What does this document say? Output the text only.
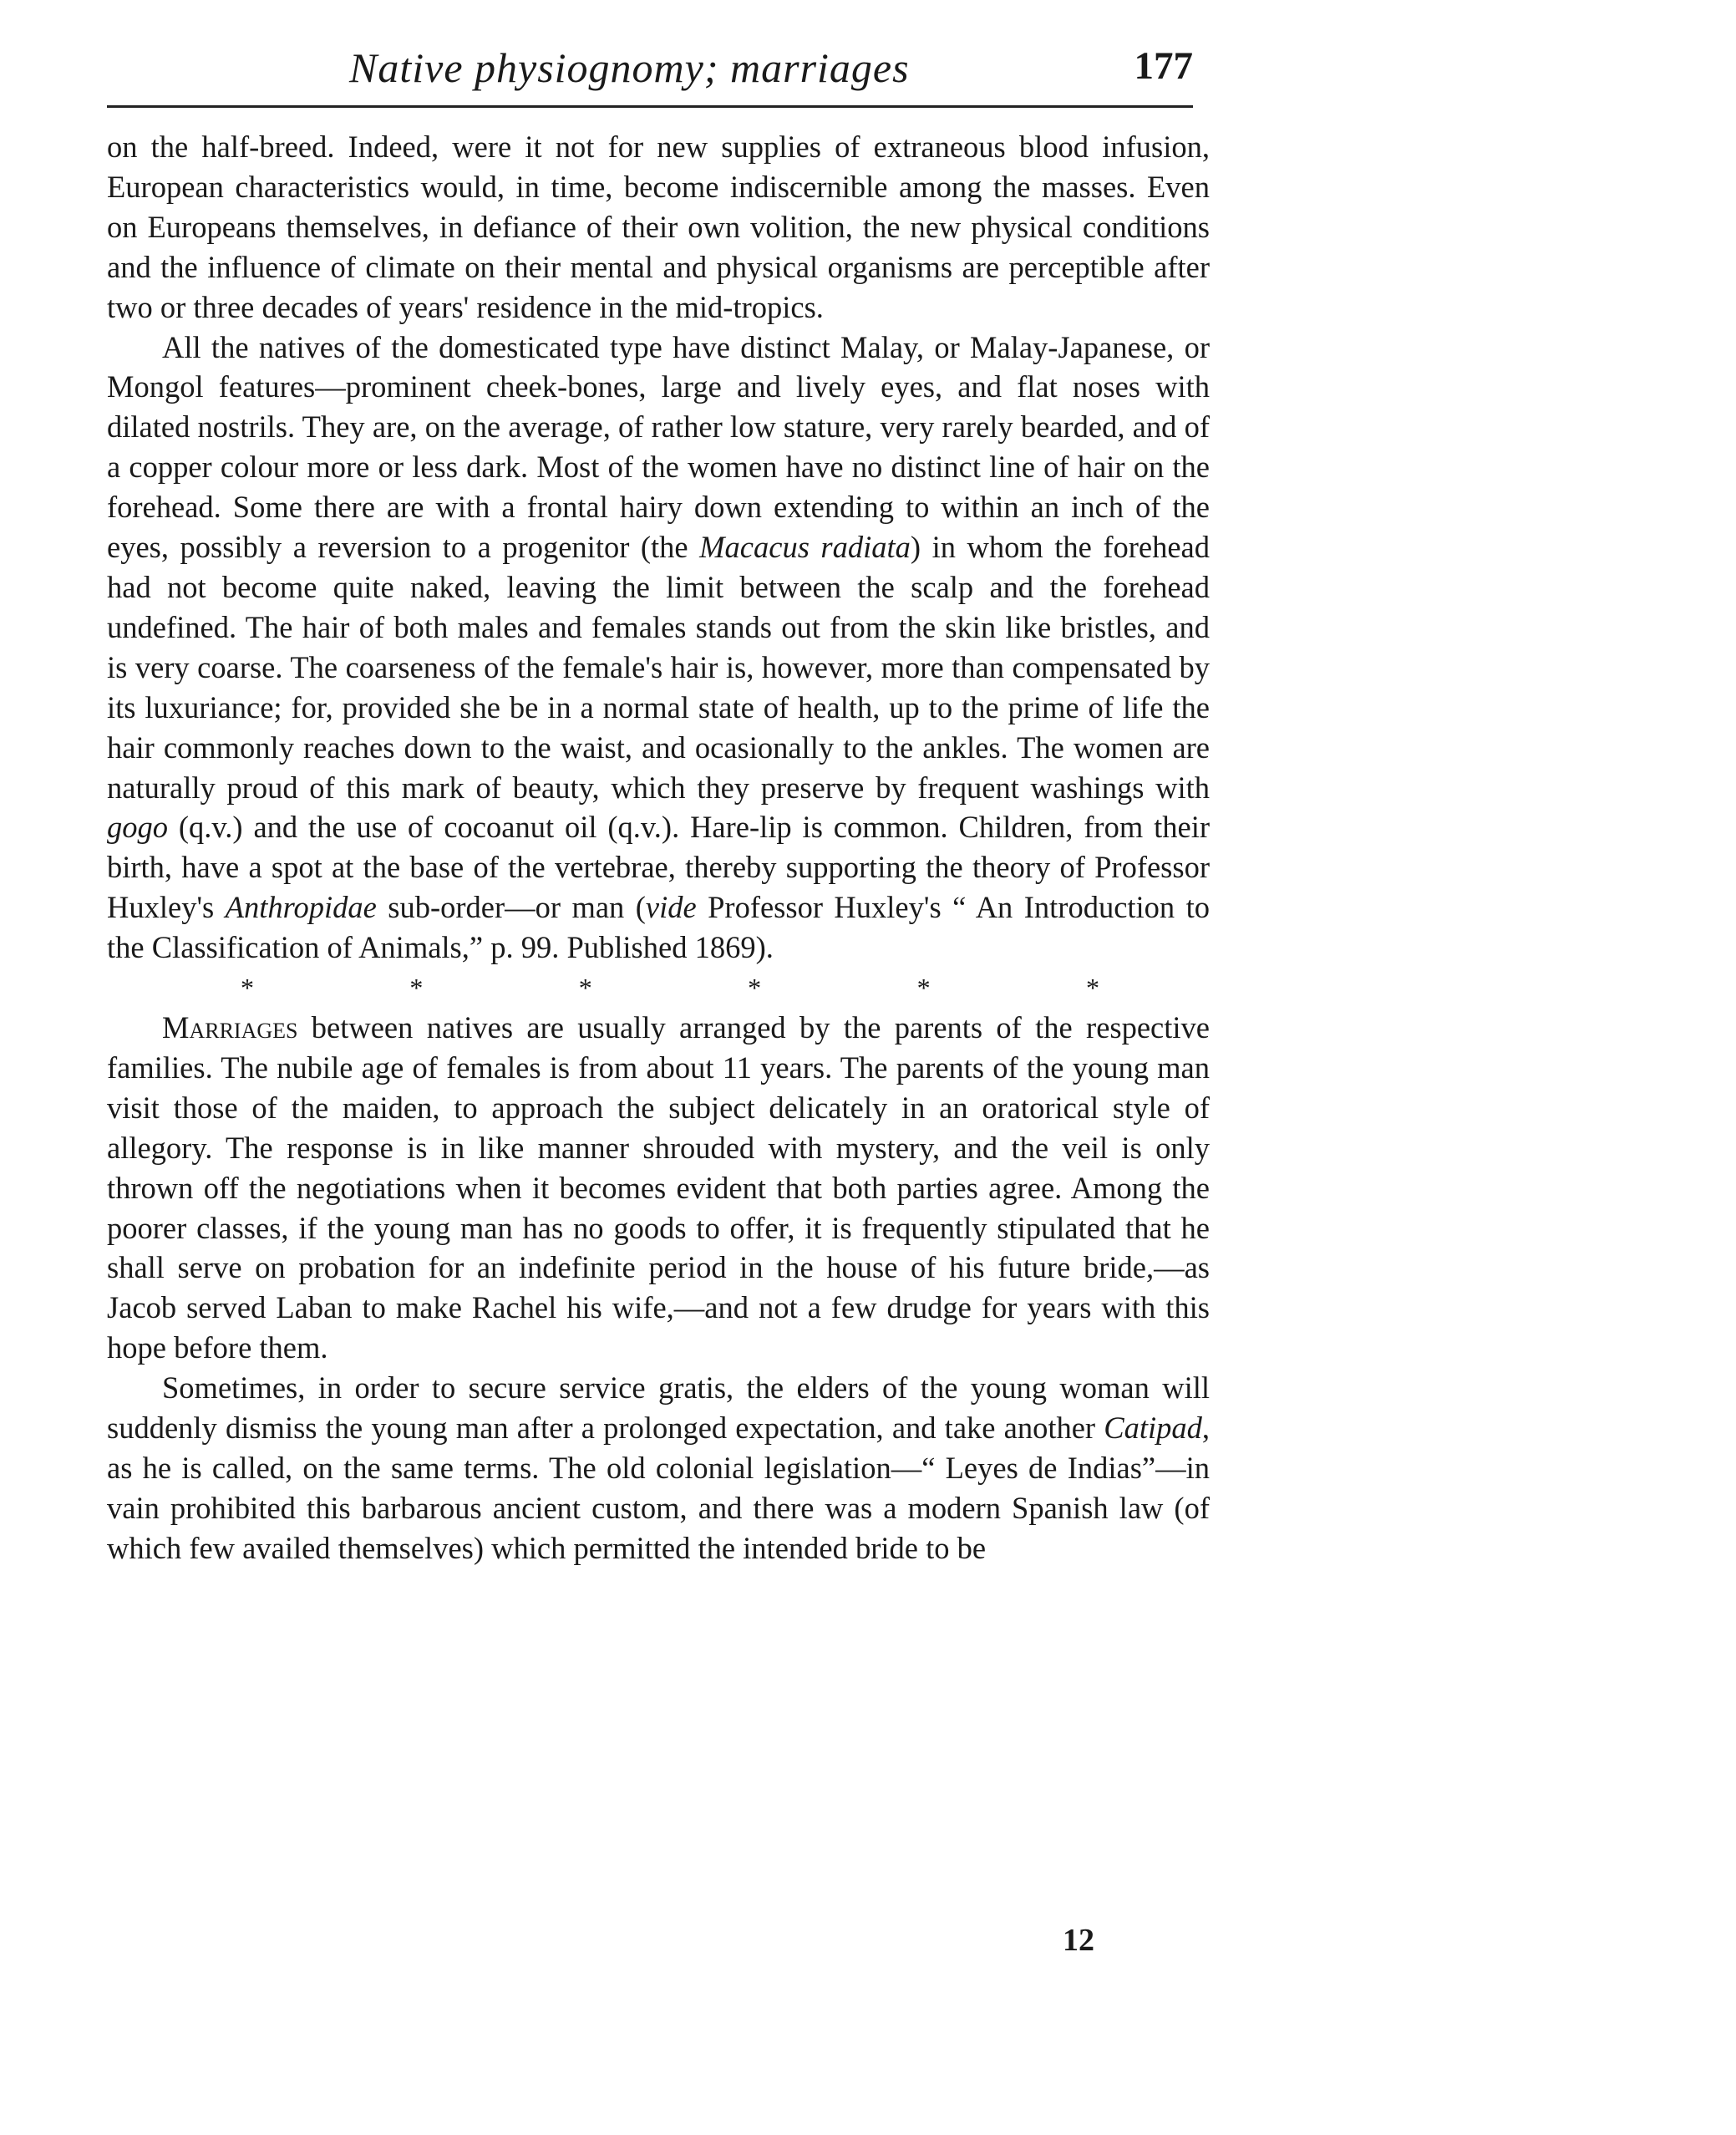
Native physiognomy; marriages	177

on the half-breed. Indeed, were it not for new supplies of extraneous blood infusion, European characteristics would, in time, become indiscernible among the masses. Even on Europeans themselves, in defiance of their own volition, the new physical conditions and the influence of climate on their mental and physical organisms are perceptible after two or three decades of years' residence in the mid-tropics.

All the natives of the domesticated type have distinct Malay, or Malay-Japanese, or Mongol features—prominent cheek-bones, large and lively eyes, and flat noses with dilated nostrils. They are, on the average, of rather low stature, very rarely bearded, and of a copper colour more or less dark. Most of the women have no distinct line of hair on the forehead. Some there are with a frontal hairy down extending to within an inch of the eyes, possibly a reversion to a progenitor (the Macacus radiata) in whom the forehead had not become quite naked, leaving the limit between the scalp and the forehead undefined. The hair of both males and females stands out from the skin like bristles, and is very coarse. The coarseness of the female's hair is, however, more than compensated by its luxuriance; for, provided she be in a normal state of health, up to the prime of life the hair commonly reaches down to the waist, and ocasionally to the ankles. The women are naturally proud of this mark of beauty, which they preserve by frequent washings with gogo (q.v.) and the use of cocoanut oil (q.v.). Hare-lip is common. Children, from their birth, have a spot at the base of the vertebrae, thereby supporting the theory of Professor Huxley's Anthropidae sub-order—or man (vide Professor Huxley's “ An Introduction to the Classification of Animals,” p. 99. Published 1869).

*	*	*	*	*	*

Marriages between natives are usually arranged by the parents of the respective families. The nubile age of females is from about 11 years. The parents of the young man visit those of the maiden, to approach the subject delicately in an oratorical style of allegory. The response is in like manner shrouded with mystery, and the veil is only thrown off the negotiations when it becomes evident that both parties agree. Among the poorer classes, if the young man has no goods to offer, it is frequently stipulated that he shall serve on probation for an indefinite period in the house of his future bride,—as Jacob served Laban to make Rachel his wife,—and not a few drudge for years with this hope before them.

Sometimes, in order to secure service gratis, the elders of the young woman will suddenly dismiss the young man after a prolonged expectation, and take another Catipad, as he is called, on the same terms. The old colonial legislation—“ Leyes de Indias”—in vain prohibited this barbarous ancient custom, and there was a modern Spanish law (of which few availed themselves) which permitted the intended bride to be

12
